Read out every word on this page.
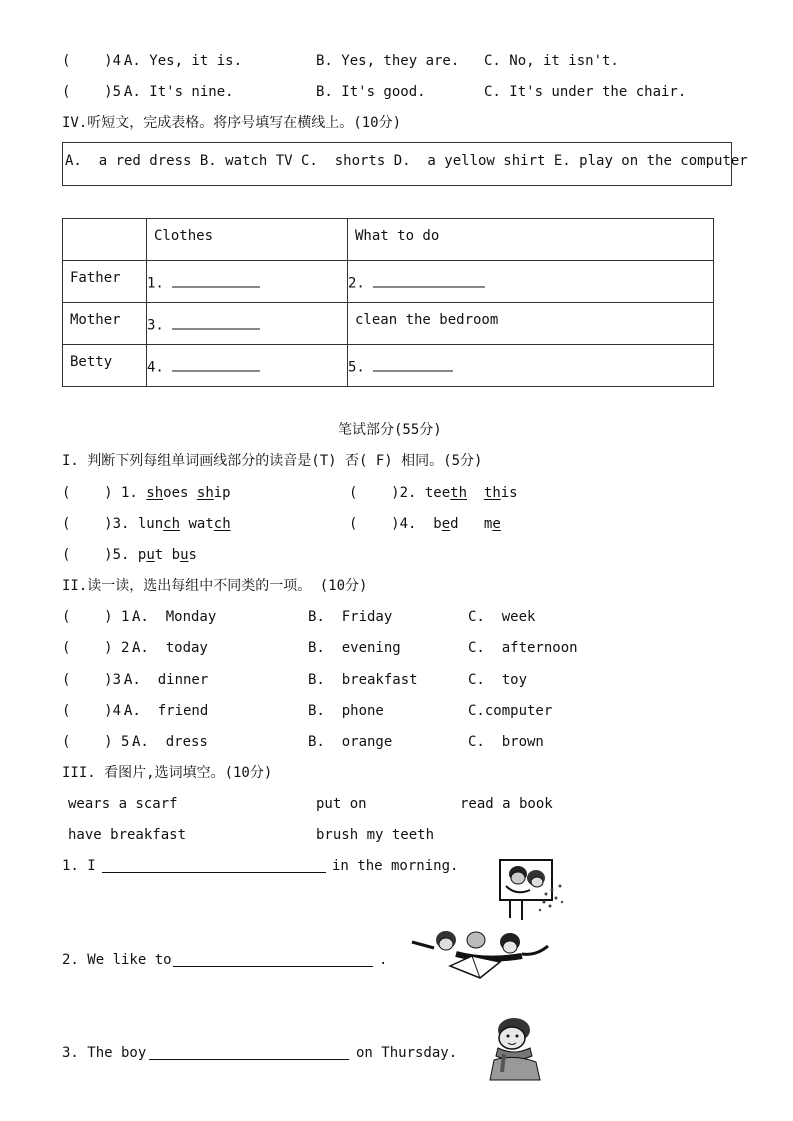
(    )4.
A. Yes, it is.	B. Yes, they are. C. No, it isn't.
(    )5.
A. It's nine.	B. It's good.	C. It's under the chair.
IV.听短文，完成表格。将序号填写在横线上。(10分)
A.  a red dress B. watch TV C.  shorts D.  a yellow shirt E. play on the computer

	Clothes	What to do

Father	1.	2.

Mother	3.	clean the bedroom

Betty	4.	5.
笔试部分(55分)
I. 判断下列每组单词画线部分的读音是(T) 否( F) 相同。(5分)
(    ) 1. shoes ship	(    )2. teeth this
(    )3. lunch watch	(    )4. bed me
(    )5. put bus
II.读一读，选出每组中不同类的一项。 (10分)
(    ) 1.
A.  Monday	B.  Friday	C.  week
(    ) 2.
A.  today	B.  evening	C.  afternoon
(    )3.
A.  dinner	B.  breakfast	C.  toy
(    )4.
A.  friend	B.  phone	C.computer
(    ) 5.
A.  dress	B.  orange	C.  brown
III. 看图片,选词填空。(10分)
wears a scarf	put on	read a book
have breakfast	brush my teeth
1. I	in the morning.
2. We like to	.
3. The boy	on Thursday.
